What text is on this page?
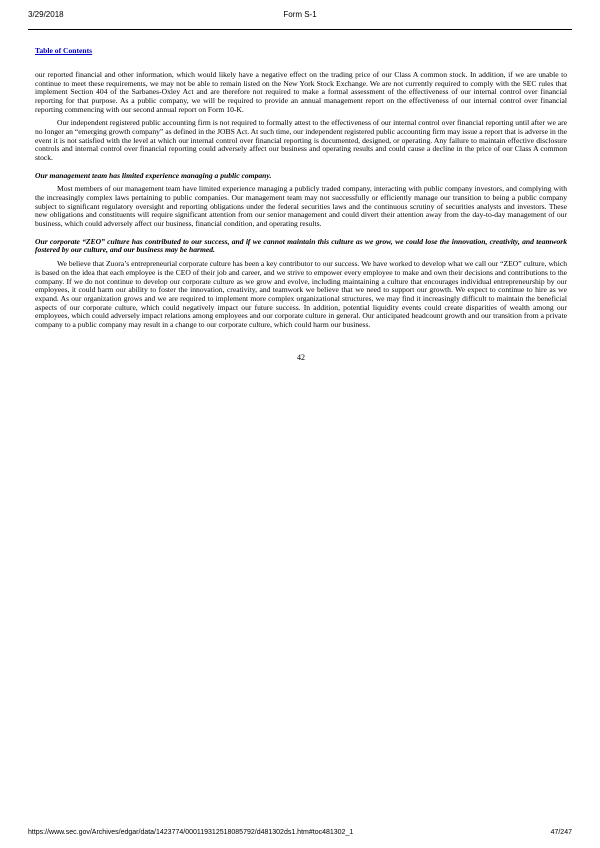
3/29/2018	Form S-1
Table of Contents

our reported financial and other information, which would likely have a negative effect on the trading price of our Class A common stock. In addition, if we are unable to continue to meet these requirements, we may not be able to remain listed on the New York Stock Exchange. We are not currently required to comply with the SEC rules that implement Section 404 of the Sarbanes-Oxley Act and are therefore not required to make a formal assessment of the effectiveness of our internal control over financial reporting for that purpose. As a public company, we will be required to provide an annual management report on the effectiveness of our internal control over financial reporting commencing with our second annual report on Form 10-K.

Our independent registered public accounting firm is not required to formally attest to the effectiveness of our internal control over financial reporting until after we are no longer an “emerging growth company” as defined in the JOBS Act. At such time, our independent registered public accounting firm may issue a report that is adverse in the event it is not satisfied with the level at which our internal control over financial reporting is documented, designed, or operating. Any failure to maintain effective disclosure controls and internal control over financial reporting could adversely affect our business and operating results and could cause a decline in the price of our Class A common stock.

Our management team has limited experience managing a public company.

Most members of our management team have limited experience managing a publicly traded company, interacting with public company investors, and complying with the increasingly complex laws pertaining to public companies. Our management team may not successfully or efficiently manage our transition to being a public company subject to significant regulatory oversight and reporting obligations under the federal securities laws and the continuous scrutiny of securities analysts and investors. These new obligations and constituents will require significant attention from our senior management and could divert their attention away from the day-to-day management of our business, which could adversely affect our business, financial condition, and operating results.

Our corporate “ZEO” culture has contributed to our success, and if we cannot maintain this culture as we grow, we could lose the innovation, creativity, and teamwork fostered by our culture, and our business may be harmed.

We believe that Zuora’s entrepreneurial corporate culture has been a key contributor to our success. We have worked to develop what we call our “ZEO” culture, which is based on the idea that each employee is the CEO of their job and career, and we strive to empower every employee to make and own their decisions and contributions to the company. If we do not continue to develop our corporate culture as we grow and evolve, including maintaining a culture that encourages individual entrepreneurship by our employees, it could harm our ability to foster the innovation, creativity, and teamwork we believe that we need to support our growth. We expect to continue to hire as we expand. As our organization grows and we are required to implement more complex organizational structures, we may find it increasingly difficult to maintain the beneficial aspects of our corporate culture, which could negatively impact our future success. In addition, potential liquidity events could create disparities of wealth among our employees, which could adversely impact relations among employees and our corporate culture in general. Our anticipated headcount growth and our transition from a private company to a public company may result in a change to our corporate culture, which could harm our business.

42
https://www.sec.gov/Archives/edgar/data/1423774/000119312518085792/d481302ds1.htm#toc481302_1	47/247
